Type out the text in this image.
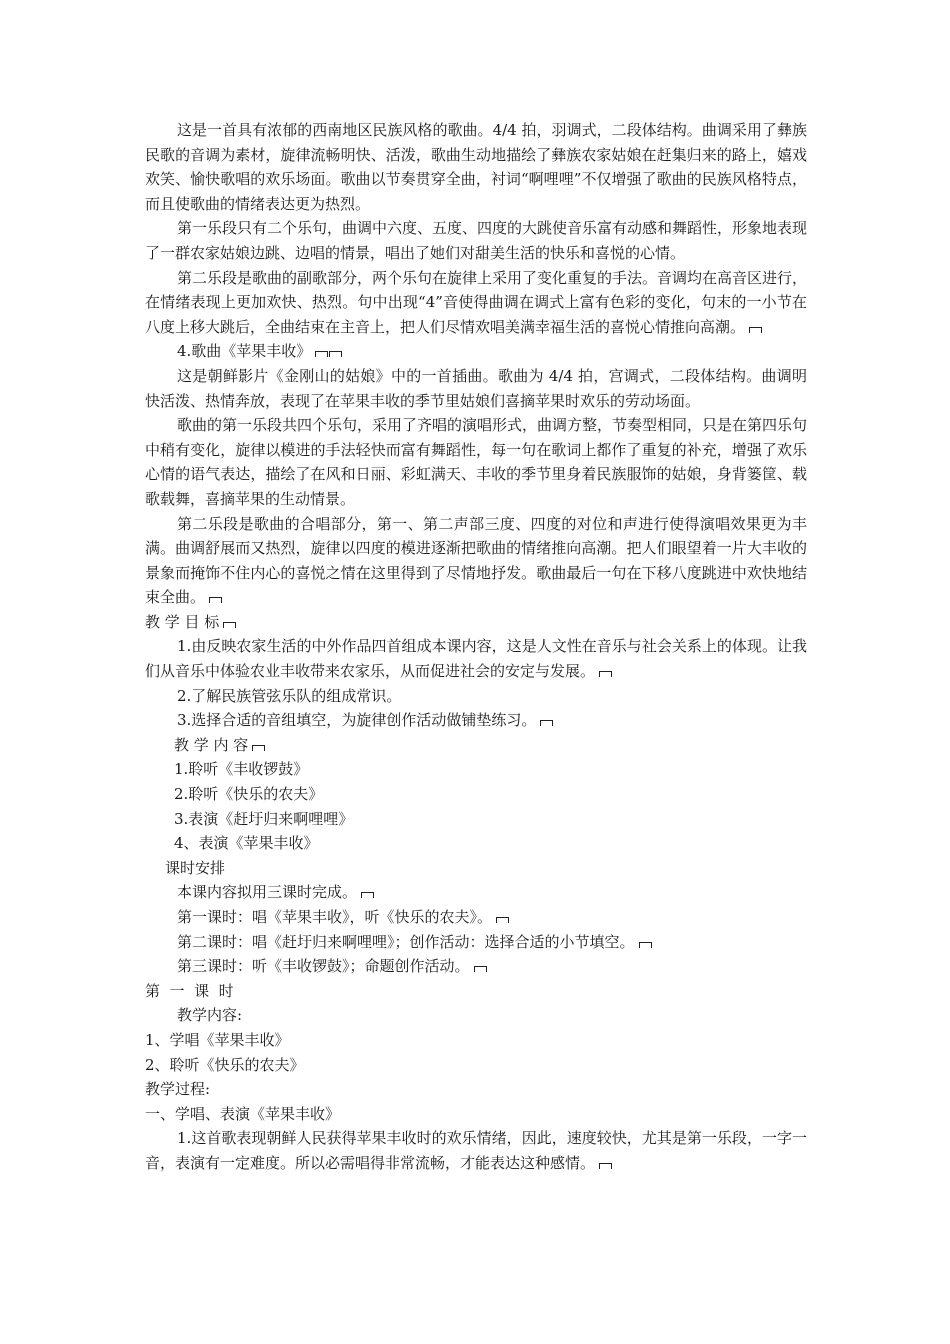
这是一首具有浓郁的西南地区民族风格的歌曲。4/4 拍，羽调式，二段体结构。曲调采用了彝族民歌的音调为素材，旋律流畅明快、活泼，歌曲生动地描绘了彝族农家姑娘在赶集归来的路上，嬉戏欢笑、愉快歌唱的欢乐场面。歌曲以节奏贯穿全曲，衬词“啊哩哩”不仅增强了歌曲的民族风格特点，而且使歌曲的情绪表达更为热烈。

第一乐段只有二个乐句，曲调中六度、五度、四度的大跳使音乐富有动感和舞蹈性，形象地表现了一群农家姑娘边跳、边唱的情景，唱出了她们对甜美生活的快乐和喜悦的心情。

第二乐段是歌曲的副歌部分，两个乐句在旋律上采用了变化重复的手法。音调均在高音区进行，在情绪表现上更加欢快、热烈。句中出现“4”音使得曲调在调式上富有色彩的变化，句末的一小节在八度上移大跳后，全曲结束在主音上，把人们尽情欢唱美满幸福生活的喜悦心情推向高潮。

4.歌曲《苹果丰收》

这是朝鲜影片《金刚山的姑娘》中的一首插曲。歌曲为 4/4 拍，宫调式，二段体结构。曲调明快活泼、热情奔放，表现了在苹果丰收的季节里姑娘们喜摘苹果时欢乐的劳动场面。

歌曲的第一乐段共四个乐句，采用了齐唱的演唱形式，曲调方整，节奏型相同，只是在第四乐句中稍有变化，旋律以模进的手法轻快而富有舞蹈性，每一句在歌词上都作了重复的补充，增强了欢乐心情的语气表达，描绘了在风和日丽、彩虹满天、丰收的季节里身着民族服饰的姑娘，身背篓筐、载歌载舞，喜摘苹果的生动情景。

第二乐段是歌曲的合唱部分，第一、第二声部三度、四度的对位和声进行使得演唱效果更为丰满。曲调舒展而又热烈，旋律以四度的模进逐渐把歌曲的情绪推向高潮。把人们眼望着一片大丰收的景象而掩饰不住内心的喜悦之情在这里得到了尽情地抒发。歌曲最后一句在下移八度跳进中欢快地结束全曲。

教 学 目 标

1.由反映农家生活的中外作品四首组成本课内容，这是人文性在音乐与社会关系上的体现。让我们从音乐中体验农业丰收带来农家乐，从而促进社会的安定与发展。

2.了解民族管弦乐队的组成常识。

3.选择合适的音组填空，为旋律创作活动做铺垫练习。

教 学 内 容

1.聆听《丰收锣鼓》

2.聆听《快乐的农夫》

3.表演《赶圩归来啊哩哩》

4、表演《苹果丰收》

课时安排

本课内容拟用三课时完成。

第一课时：唱《苹果丰收》，听《快乐的农夫》。

第二课时：唱《赶圩归来啊哩哩》；创作活动：选择合适的小节填空。

第三课时：听《丰收锣鼓》；命题创作活动。

第  一  课  时

教学内容:

1、学唱《苹果丰收》

2、聆听《快乐的农夫》

教学过程:

一、学唱、表演《苹果丰收》

1.这首歌表现朝鲜人民获得苹果丰收时的欢乐情绪，因此，速度较快，尤其是第一乐段，一字一音，表演有一定难度。所以必需唱得非常流畅，才能表达这种感情。
